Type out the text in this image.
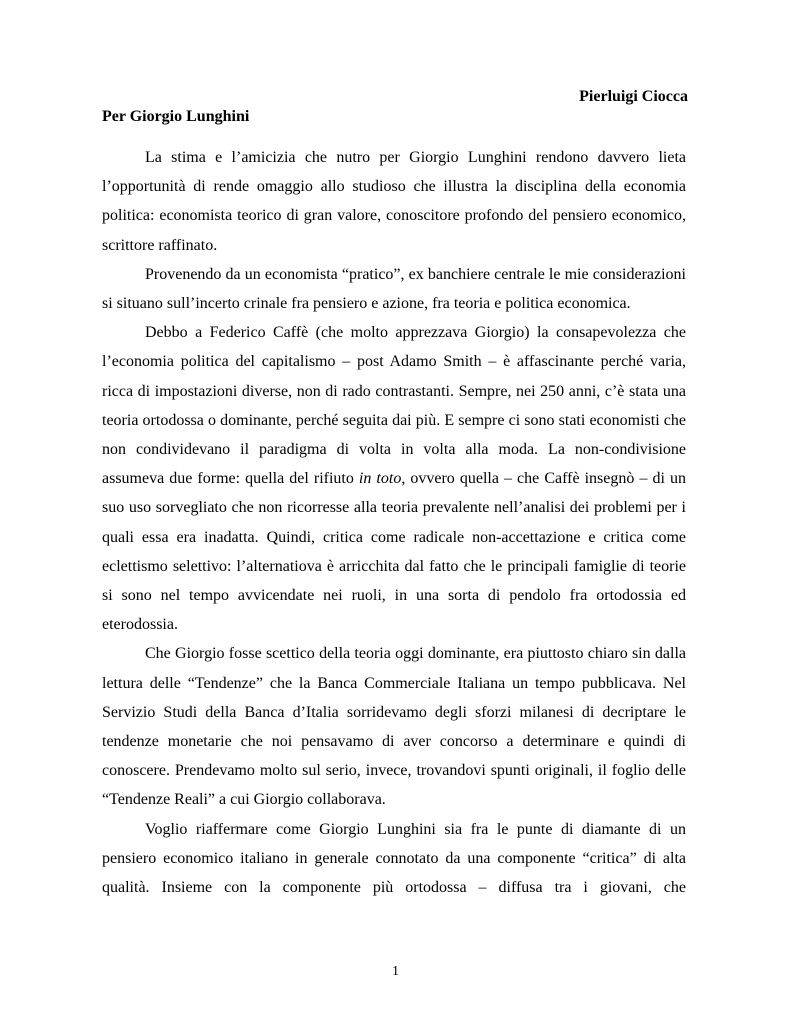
Pierluigi Ciocca
Per Giorgio Lunghini

La stima e l’amicizia che nutro per Giorgio Lunghini rendono davvero lieta l’opportunità di rende omaggio allo studioso che illustra la disciplina della economia politica: economista teorico di gran valore, conoscitore profondo del pensiero economico, scrittore raffinato.

Provenendo da un economista “pratico”, ex banchiere centrale le mie considerazioni si situano sull’incerto crinale fra pensiero e azione, fra teoria e politica economica.

Debbo a Federico Caffè (che molto apprezzava Giorgio) la consapevolezza che l’economia politica del capitalismo – post Adamo Smith – è affascinante perché varia, ricca di impostazioni diverse, non di rado contrastanti. Sempre, nei 250 anni, c’è stata una teoria ortodossa o dominante, perché seguita dai più. E sempre ci sono stati economisti che non condividevano il paradigma di volta in volta alla moda. La non-condivisione assumeva due forme: quella del rifiuto in toto, ovvero quella – che Caffè insegnò – di un suo uso sorvegliato che non ricorresse alla teoria prevalente nell’analisi dei problemi per i quali essa era inadatta. Quindi, critica come radicale non-accettazione e critica come eclettismo selettivo: l’alternatiova è arricchita dal fatto che le principali famiglie di teorie si sono nel tempo avvicendate nei ruoli, in una sorta di pendolo fra ortodossia ed eterodossia.

Che Giorgio fosse scettico della teoria oggi dominante, era piuttosto chiaro sin dalla lettura delle “Tendenze” che la Banca Commerciale Italiana un tempo pubblicava. Nel Servizio Studi della Banca d’Italia sorridevamo degli sforzi milanesi di decriptare le tendenze monetarie che noi pensavamo di aver concorso a determinare e quindi di conoscere. Prendevamo molto sul serio, invece, trovandovi spunti originali, il foglio delle “Tendenze Reali” a cui Giorgio collaborava.

Voglio riaffermare come Giorgio Lunghini sia fra le punte di diamante di un pensiero economico italiano in generale connotato da una componente “critica” di alta qualità. Insieme con la componente più ortodossa – diffusa tra i giovani, che

1
